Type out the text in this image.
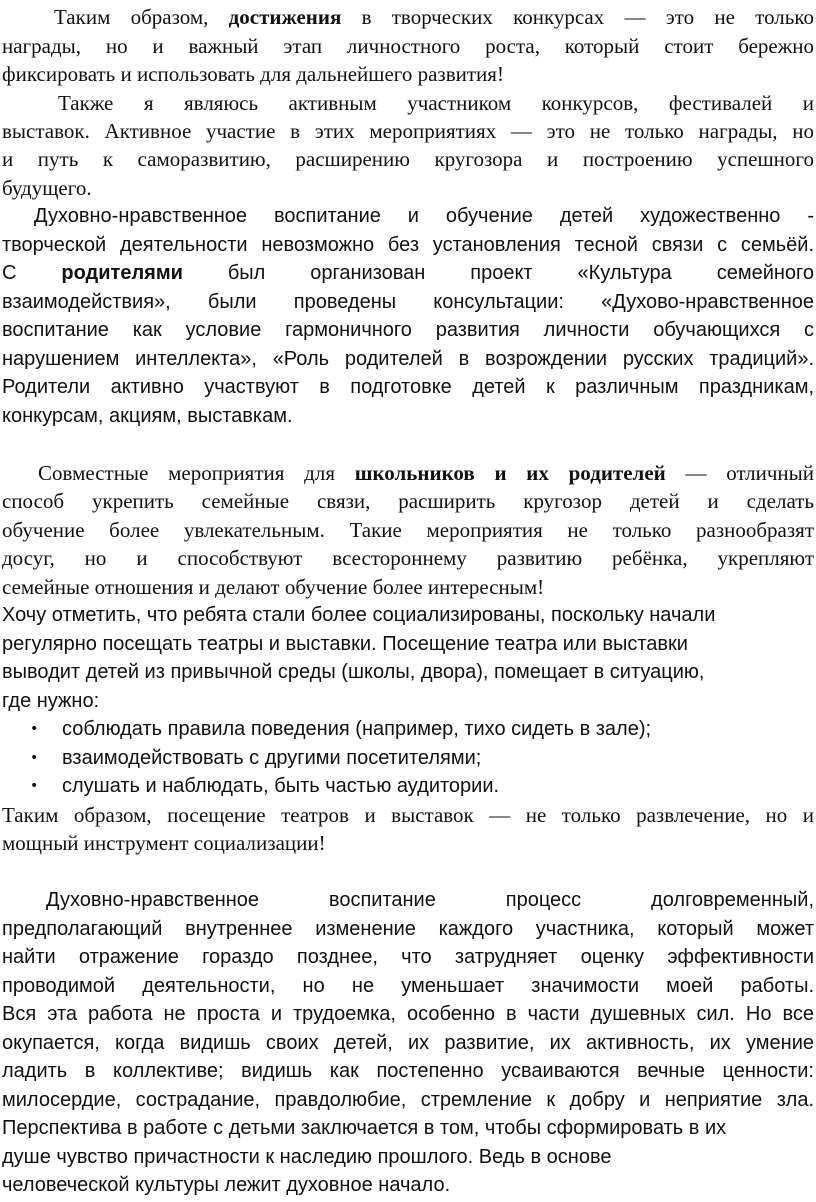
Таким образом, достижения в творческих конкурсах — это не только
награды, но и важный этап личностного роста, который стоит бережно
фиксировать и использовать для дальнейшего развития!
Также я являюсь активным участником конкурсов, фестивалей и
выставок. Активное участие в этих мероприятиях — это не только награды, но
и путь к саморазвитию, расширению кругозора и построению успешного
будущего.
Духовно-нравственное воспитание и обучение детей художественно -
творческой деятельности невозможно без установления тесной связи с семьёй.
С родителями был организован проект «Культура семейного
взаимодействия», были проведены консультации: «Духово-нравственное
воспитание как условие гармоничного развития личности обучающихся с
нарушением интеллекта», «Роль родителей в возрождении русских традиций».
Родители активно участвуют в подготовке детей к различным праздникам,
конкурсам, акциям, выставкам.
Совместные мероприятия для школьников и их родителей — отличный
способ укрепить семейные связи, расширить кругозор детей и сделать
обучение более увлекательным. Такие мероприятия не только разнообразят
досуг, но и способствуют всестороннему развитию ребёнка, укрепляют
семейные отношения и делают обучение более интересным!
Хочу отметить, что ребята стали более социализированы, поскольку начали
регулярно посещать театры и выставки. Посещение театра или выставки
выводит детей из привычной среды (школы, двора), помещает в ситуацию,
где нужно:
• соблюдать правила поведения (например, тихо сидеть в зале);
• взаимодействовать с другими посетителями;
• слушать и наблюдать, быть частью аудитории.
Таким образом, посещение театров и выставок — не только развлечение, но и
мощный инструмент социализации!
Духовно-нравственное воспитание процесс долговременный,
предполагающий внутреннее изменение каждого участника, который может
найти отражение гораздо позднее, что затрудняет оценку эффективности
проводимой деятельности, но не уменьшает значимости моей работы.
Вся эта работа не проста и трудоемка, особенно в части душевных сил. Но все
окупается, когда видишь своих детей, их развитие, их активность, их умение
ладить в коллективе; видишь как постепенно усваиваются вечные ценности:
милосердие, сострадание, правдолюбие, стремление к добру и неприятие зла.
Перспектива в работе с детьми заключается в том, чтобы сформировать в их
душе чувство причастности к наследию прошлого. Ведь в основе
человеческой культуры лежит духовное начало.
